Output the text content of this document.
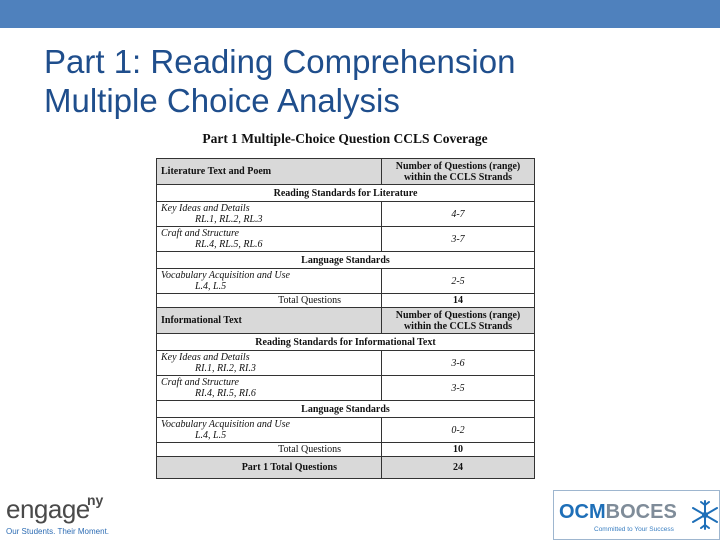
Part 1: Reading Comprehension
Multiple Choice Analysis
Part 1 Multiple-Choice Question CCLS Coverage
Literature Text and Poem	Number of Questions (range)
within the CCLS Strands
Reading Standards for Literature	
Key Ideas and Details
RL.1, RL.2, RL.3	4-7
Craft and Structure
RL.4, RL.5, RL.6	3-7
Language Standards	
Vocabulary Acquisition and Use
L.4, L.5	2-5
Total Questions	14
Informational Text	Number of Questions (range)
within the CCLS Strands
Reading Standards for Informational Text	
Key Ideas and Details
RI.1, RI.2, RI.3	3-6
Craft and Structure
RI.4, RI.5, RI.6	3-5
Language Standards	
Vocabulary Acquisition and Use
L.4, L.5	0-2
Total Questions	10
Part 1 Total Questions	24
engage
ny
Our Students. Their Moment.
OCMBOCES
Committed to Your Success
